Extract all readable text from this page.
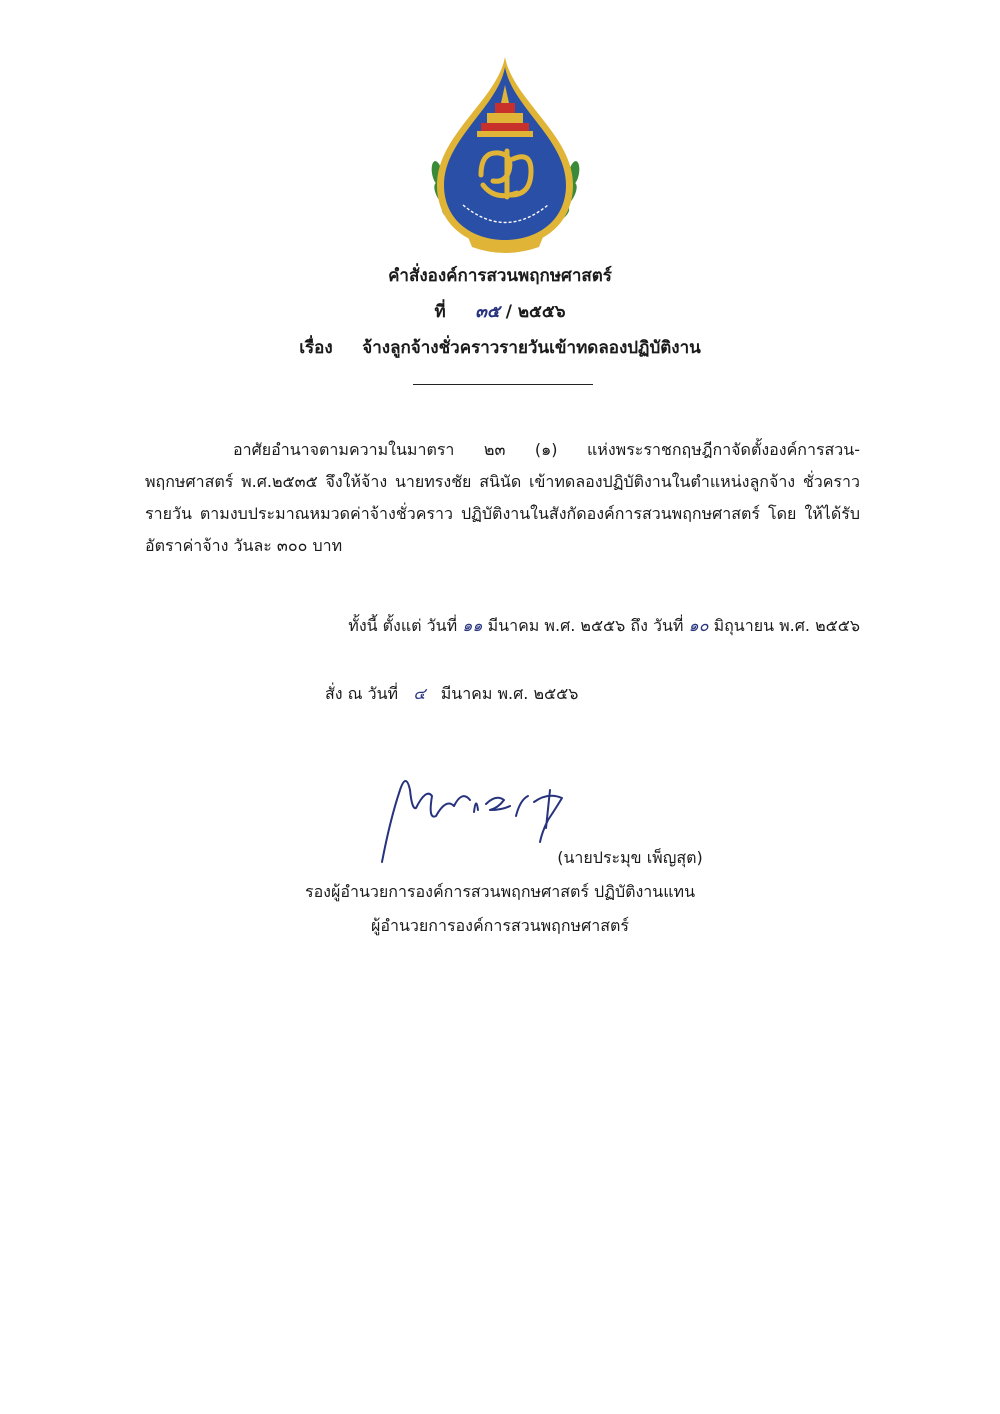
คำสั่งองค์การสวนพฤกษศาสตร์
ที่ ๓๕ / ๒๕๕๖
เรื่อง จ้างลูกจ้างชั่วคราวรายวันเข้าทดลองปฏิบัติงาน
อาศัยอำนาจตามความในมาตรา ๒๓ (๑) แห่งพระราชกฤษฎีกาจัดตั้งองค์การสวน- พฤกษศาสตร์ พ.ศ.๒๕๓๕ จึงให้จ้าง นายทรงชัย สนินัด เข้าทดลองปฏิบัติงานในตำแหน่งลูกจ้าง ชั่วคราวรายวัน ตามงบประมาณหมวดค่าจ้างชั่วคราว ปฏิบัติงานในสังกัดองค์การสวนพฤกษศาสตร์ โดย ให้ได้รับอัตราค่าจ้าง วันละ ๓๐๐ บาท
ทั้งนี้ ตั้งแต่ วันที่ ๑๑ มีนาคม พ.ศ. ๒๕๕๖ ถึง วันที่ ๑๐ มิถุนายน พ.ศ. ๒๕๕๖
สั่ง ณ วันที่ ๔ มีนาคม พ.ศ. ๒๕๕๖
(นายประมุข เพ็ญสุต)
รองผู้อำนวยการองค์การสวนพฤกษศาสตร์ ปฏิบัติงานแทน
ผู้อำนวยการองค์การสวนพฤกษศาสตร์
